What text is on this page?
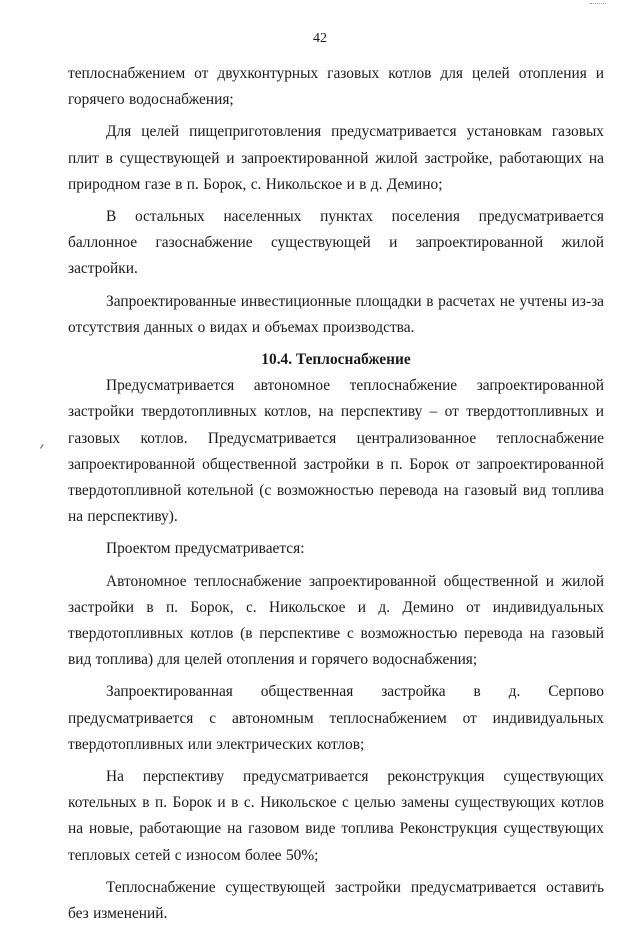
42

теплоснабжением от двухконтурных газовых котлов для целей отопления и горячего водоснабжения;

Для целей пищеприготовления предусматривается установкам газовых плит в существующей и запроектированной жилой застройке, работающих на природном газе в п. Борок, с. Никольское и в д. Демино;

В остальных населенных пунктах поселения предусматривается баллонное газоснабжение существующей и запроектированной жилой застройки.

Запроектированные инвестиционные площадки в расчетах не учтены из-за отсутствия данных о видах и объемах производства.

10.4. Теплоснабжение

Предусматривается автономное теплоснабжение запроектированной застройки твердотопливных котлов, на перспективу – от твердоттопливных и газовых котлов. Предусматривается централизованное теплоснабжение запроектированной общественной застройки в п. Борок от запроектированной твердотопливной котельной (с возможностью перевода на газовый вид топлива на перспективу).

Проектом предусматривается:

Автономное теплоснабжение запроектированной общественной и жилой застройки в п. Борок, с. Никольское и д. Демино от индивидуальных твердотопливных котлов (в перспективе с возможностью перевода на газовый вид топлива) для целей отопления и горячего водоснабжения;

Запроектированная общественная застройка в д. Серпово предусматривается с автономным теплоснабжением от индивидуальных твердотопливных или электрических котлов;

На перспективу предусматривается реконструкция существующих котельных в п. Борок и в с. Никольское с целью замены существующих котлов на новые, работающие на газовом виде топлива Реконструкция существующих тепловых сетей с износом более 50%;

Теплоснабжение существующей застройки предусматривается оставить без изменений.
